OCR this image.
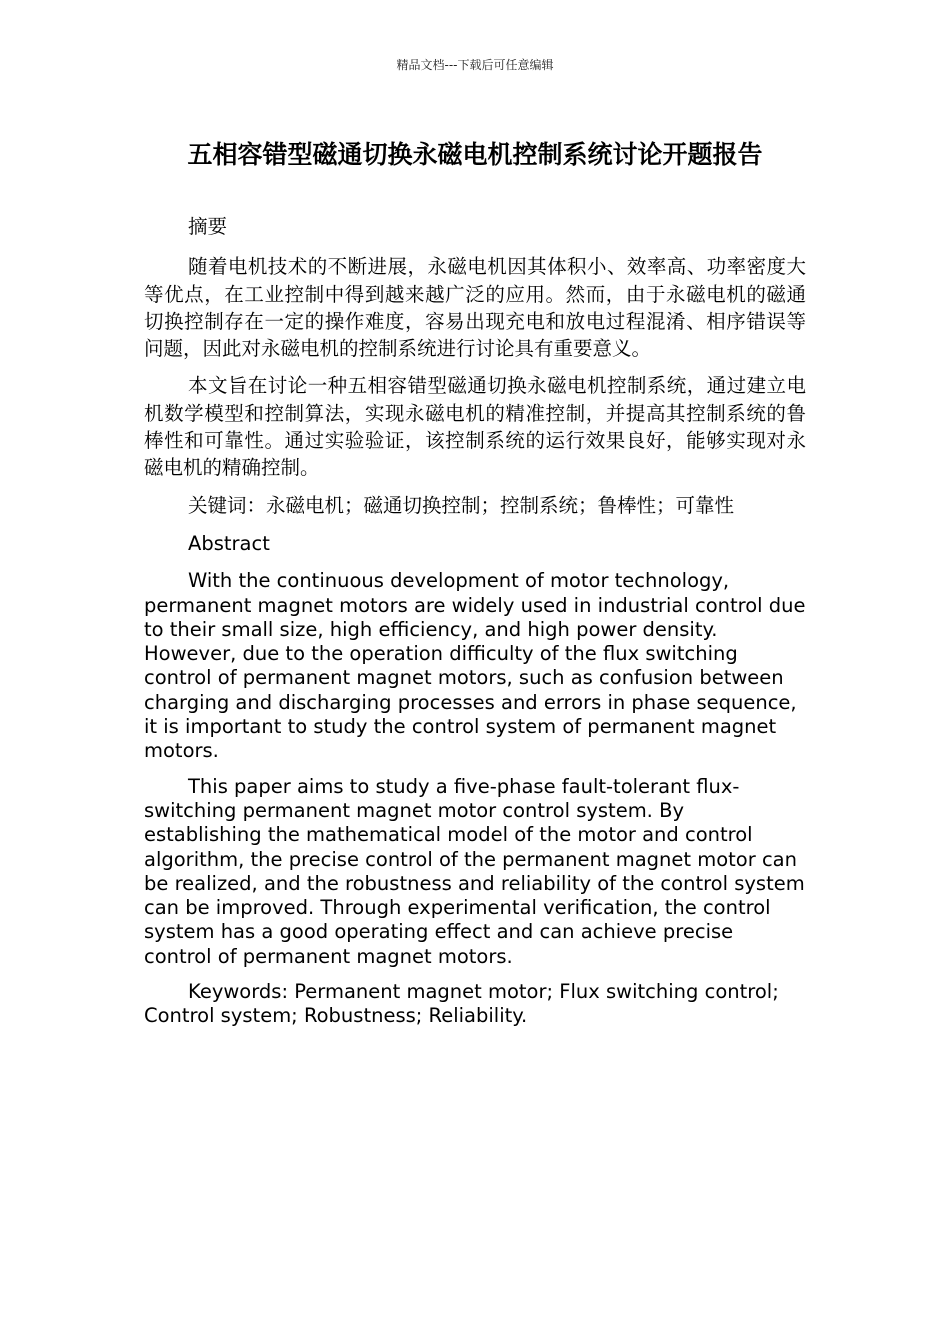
精品文档---下载后可任意编辑
五相容错型磁通切换永磁电机控制系统讨论开题报告

摘要

随着电机技术的不断进展，永磁电机因其体积小、效率高、功率密度大等优点，在工业控制中得到越来越广泛的应用。然而，由于永磁电机的磁通切换控制存在一定的操作难度，容易出现充电和放电过程混淆、相序错误等问题，因此对永磁电机的控制系统进行讨论具有重要意义。

本文旨在讨论一种五相容错型磁通切换永磁电机控制系统，通过建立电机数学模型和控制算法，实现永磁电机的精准控制，并提高其控制系统的鲁棒性和可靠性。通过实验验证，该控制系统的运行效果良好，能够实现对永磁电机的精确控制。

关键词：永磁电机；磁通切换控制；控制系统；鲁棒性；可靠性

Abstract

With the continuous development of motor technology, permanent magnet motors are widely used in industrial control due to their small size, high efficiency, and high power density. However, due to the operation difficulty of the flux switching control of permanent magnet motors, such as confusion between charging and discharging processes and errors in phase sequence, it is important to study the control system of permanent magnet motors.

This paper aims to study a five-phase fault-tolerant flux-switching permanent magnet motor control system. By establishing the mathematical model of the motor and control algorithm, the precise control of the permanent magnet motor can be realized, and the robustness and reliability of the control system can be improved. Through experimental verification, the control system has a good operating effect and can achieve precise control of permanent magnet motors.

Keywords: Permanent magnet motor; Flux switching control; Control system; Robustness; Reliability.
